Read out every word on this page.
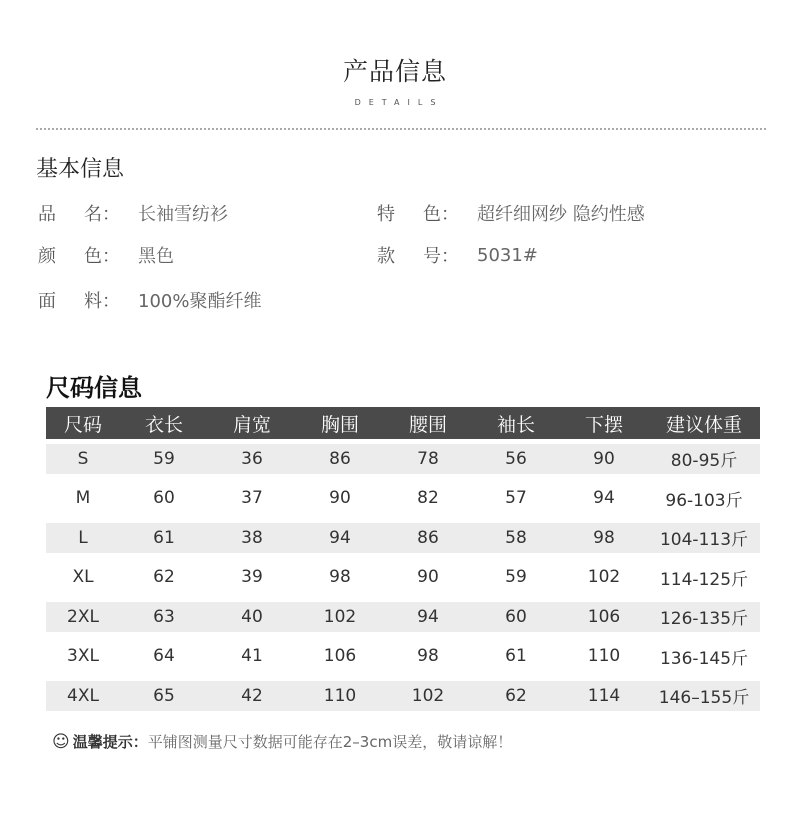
产品信息
DETAILS
基本信息
品 名： 长袖雪纺衫	特 色： 超纤细网纱 隐约性感
颜 色： 黑色	款 号： 5031#
面 料： 100%聚酯纤维
尺码信息
尺码	衣长	肩宽	胸围	腰围	袖长	下摆	建议体重
S	59	36	86	78	56	90	80-95斤
M	60	37	90	82	57	94	96-103斤
L	61	38	94	86	58	98	104-113斤
XL	62	39	98	90	59	102	114-125斤
2XL	63	40	102	94	60	106	126-135斤
3XL	64	41	106	98	61	110	136-145斤
4XL	65	42	110	102	62	114	146–155斤
☺ 温馨提示： 平铺图测量尺寸数据可能存在2–3cm误差，敬请谅解！
